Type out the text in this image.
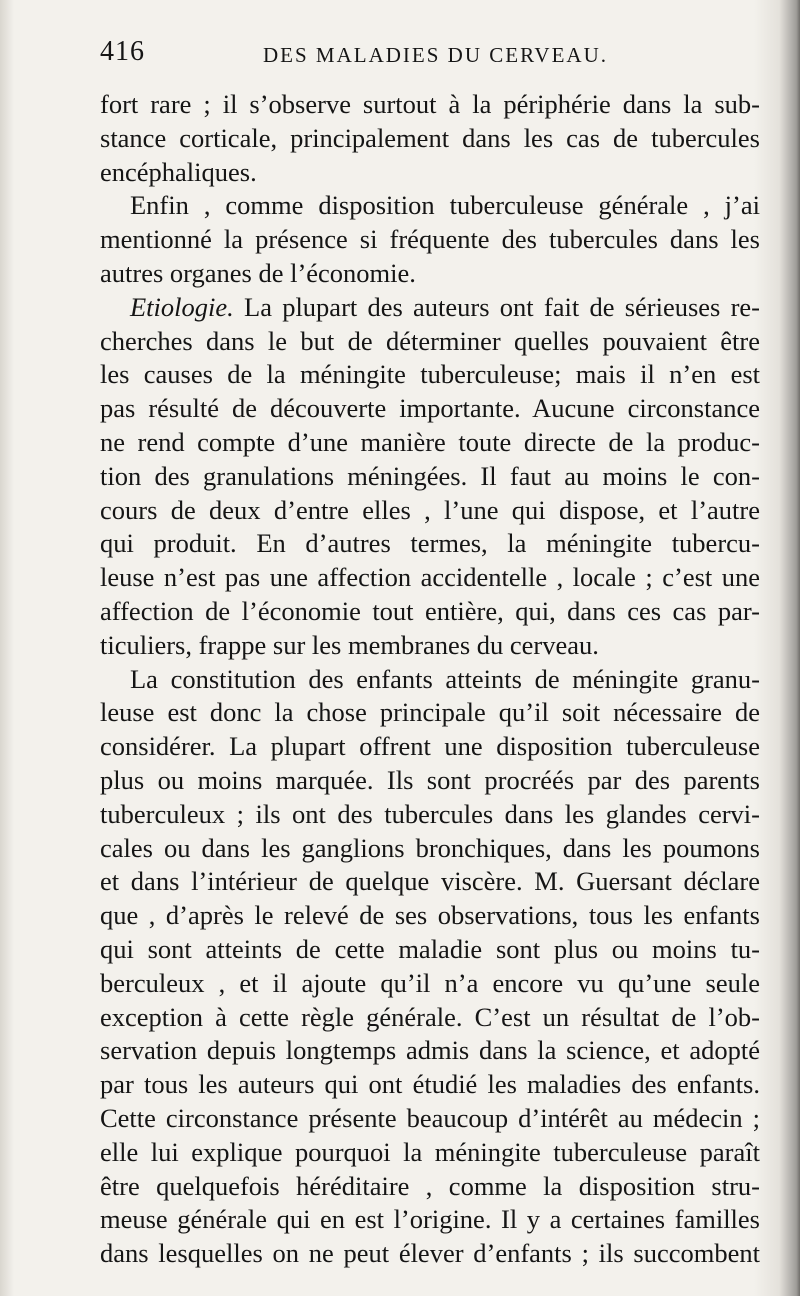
416	DES MALADIES DU CERVEAU.
fort rare ; il s’observe surtout à la périphérie dans la sub-
stance corticale, principalement dans les cas de tubercules
encéphaliques.
Enfin , comme disposition tuberculeuse générale , j’ai
mentionné la présence si fréquente des tubercules dans les
autres organes de l’économie.
Etiologie. La plupart des auteurs ont fait de sérieuses re-
cherches dans le but de déterminer quelles pouvaient être
les causes de la méningite tuberculeuse; mais il n’en est
pas résulté de découverte importante. Aucune circonstance
ne rend compte d’une manière toute directe de la produc-
tion des granulations méningées. Il faut au moins le con-
cours de deux d’entre elles , l’une qui dispose, et l’autre
qui produit. En d’autres termes, la méningite tubercu-
leuse n’est pas une affection accidentelle , locale ; c’est une
affection de l’économie tout entière, qui, dans ces cas par-
ticuliers, frappe sur les membranes du cerveau.
La constitution des enfants atteints de méningite granu-
leuse est donc la chose principale qu’il soit nécessaire de
considérer. La plupart offrent une disposition tuberculeuse
plus ou moins marquée. Ils sont procréés par des parents
tuberculeux ; ils ont des tubercules dans les glandes cervi-
cales ou dans les ganglions bronchiques, dans les poumons
et dans l’intérieur de quelque viscère. M. Guersant déclare
que , d’après le relevé de ses observations, tous les enfants
qui sont atteints de cette maladie sont plus ou moins tu-
berculeux , et il ajoute qu’il n’a encore vu qu’une seule
exception à cette règle générale. C’est un résultat de l’ob-
servation depuis longtemps admis dans la science, et adopté
par tous les auteurs qui ont étudié les maladies des enfants.
Cette circonstance présente beaucoup d’intérêt au médecin ;
elle lui explique pourquoi la méningite tuberculeuse paraît
être quelquefois héréditaire , comme la disposition stru-
meuse générale qui en est l’origine. Il y a certaines familles
dans lesquelles on ne peut élever d’enfants ; ils succombent
